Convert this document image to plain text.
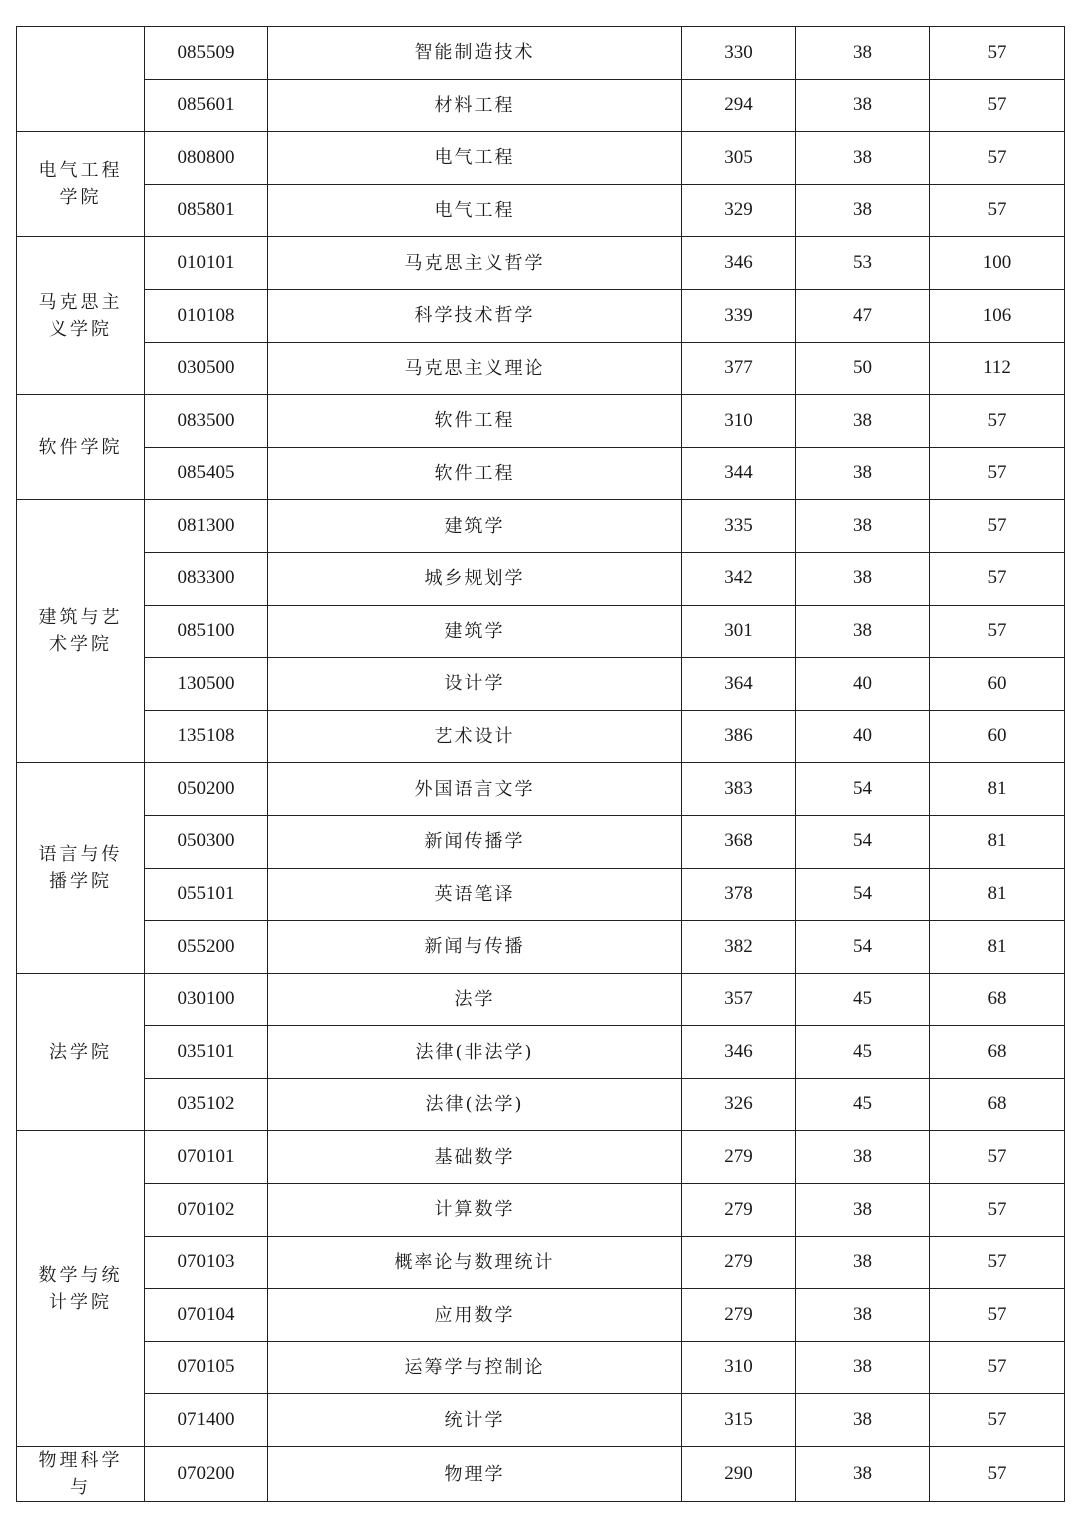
	085509	智能制造技术	330	38	57
	085601	材料工程	294	38	57
电气工程学院	080800	电气工程	305	38	57
	085801	电气工程	329	38	57
马克思主义学院	010101	马克思主义哲学	346	53	100
	010108	科学技术哲学	339	47	106
	030500	马克思主义理论	377	50	112
软件学院	083500	软件工程	310	38	57
	085405	软件工程	344	38	57
建筑与艺术学院	081300	建筑学	335	38	57
	083300	城乡规划学	342	38	57
	085100	建筑学	301	38	57
	130500	设计学	364	40	60
	135108	艺术设计	386	40	60
语言与传播学院	050200	外国语言文学	383	54	81
	050300	新闻传播学	368	54	81
	055101	英语笔译	378	54	81
	055200	新闻与传播	382	54	81
法学院	030100	法学	357	45	68
	035101	法律(非法学)	346	45	68
	035102	法律(法学)	326	45	68
数学与统计学院	070101	基础数学	279	38	57
	070102	计算数学	279	38	57
	070103	概率论与数理统计	279	38	57
	070104	应用数学	279	38	57
	070105	运筹学与控制论	310	38	57
	071400	统计学	315	38	57
物理科学与	070200	物理学	290	38	57
